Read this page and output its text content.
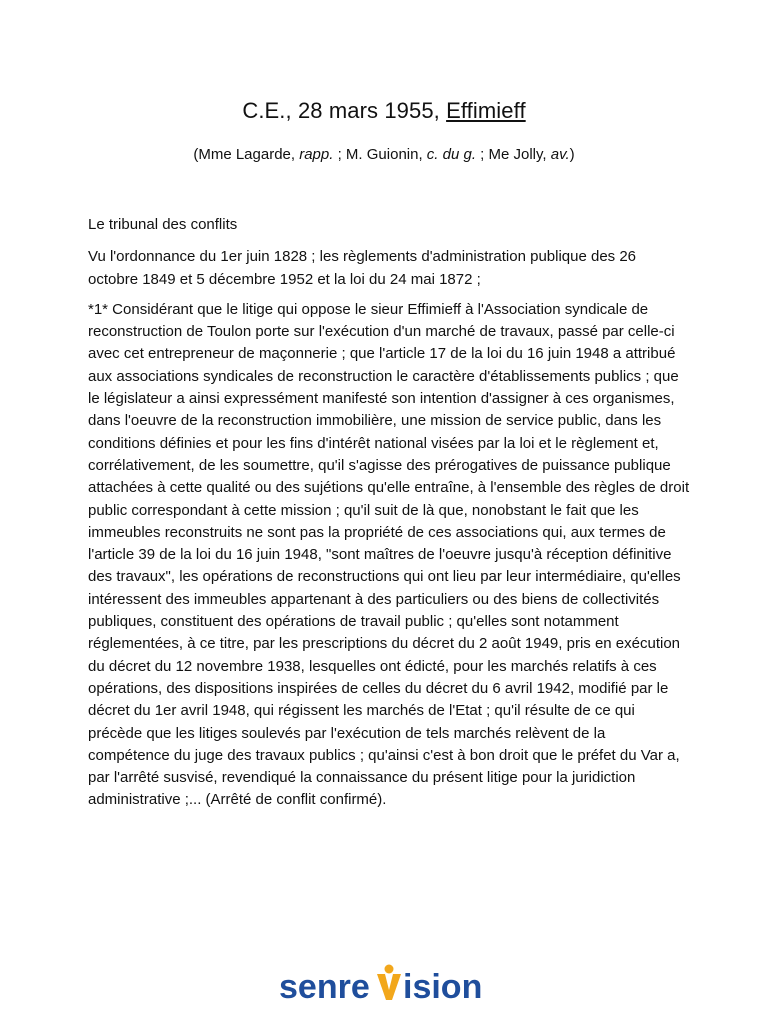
C.E., 28 mars 1955, Effimieff
(Mme Lagarde, rapp. ; M. Guionin, c. du g. ; Me Jolly, av.)

Le tribunal des conflits

Vu l'ordonnance du 1er juin 1828 ; les règlements d'administration publique des 26 octobre 1849 et 5 décembre 1952 et la loi du 24 mai 1872 ;

*1* Considérant que le litige qui oppose le sieur Effimieff à l'Association syndicale de reconstruction de Toulon porte sur l'exécution d'un marché de travaux, passé par celle-ci avec cet entrepreneur de maçonnerie ; que l'article 17 de la loi du 16 juin 1948 a attribué aux associations syndicales de reconstruction le caractère d'établissements publics ; que le législateur a ainsi expressément manifesté son intention d'assigner à ces organismes, dans l'oeuvre de la reconstruction immobilière, une mission de service public, dans les conditions définies et pour les fins d'intérêt national visées par la loi et le règlement et, corrélativement, de les soumettre, qu'il s'agisse des prérogatives de puissance publique attachées à cette qualité ou des sujétions qu'elle entraîne, à l'ensemble des règles de droit public correspondant à cette mission ; qu'il suit de là que, nonobstant le fait que les immeubles reconstruits ne sont pas la propriété de ces associations qui, aux termes de l'article 39 de la loi du 16 juin 1948, "sont maîtres de l'oeuvre jusqu'à réception définitive des travaux", les opérations de reconstructions qui ont lieu par leur intermédiaire, qu'elles intéressent des immeubles appartenant à des particuliers ou des biens de collectivités publiques, constituent des opérations de travail public ; qu'elles sont notamment réglementées, à ce titre, par les prescriptions du décret du 2 août 1949, pris en exécution du décret du 12 novembre 1938, lesquelles ont édicté, pour les marchés relatifs à ces opérations, des dispositions inspirées de celles du décret du 6 avril 1942, modifié par le décret du 1er avril 1948, qui régissent les marchés de l'Etat ; qu'il résulte de ce qui précède que les litiges soulevés par l'exécution de tels marchés relèvent de la compétence du juge des travaux publics ; qu'ainsi c'est à bon droit que le préfet du Var a, par l'arrêté susvisé, revendiqué la connaissance du présent litige pour la juridiction administrative ;... (Arrêté de conflit confirmé).

senre ision
